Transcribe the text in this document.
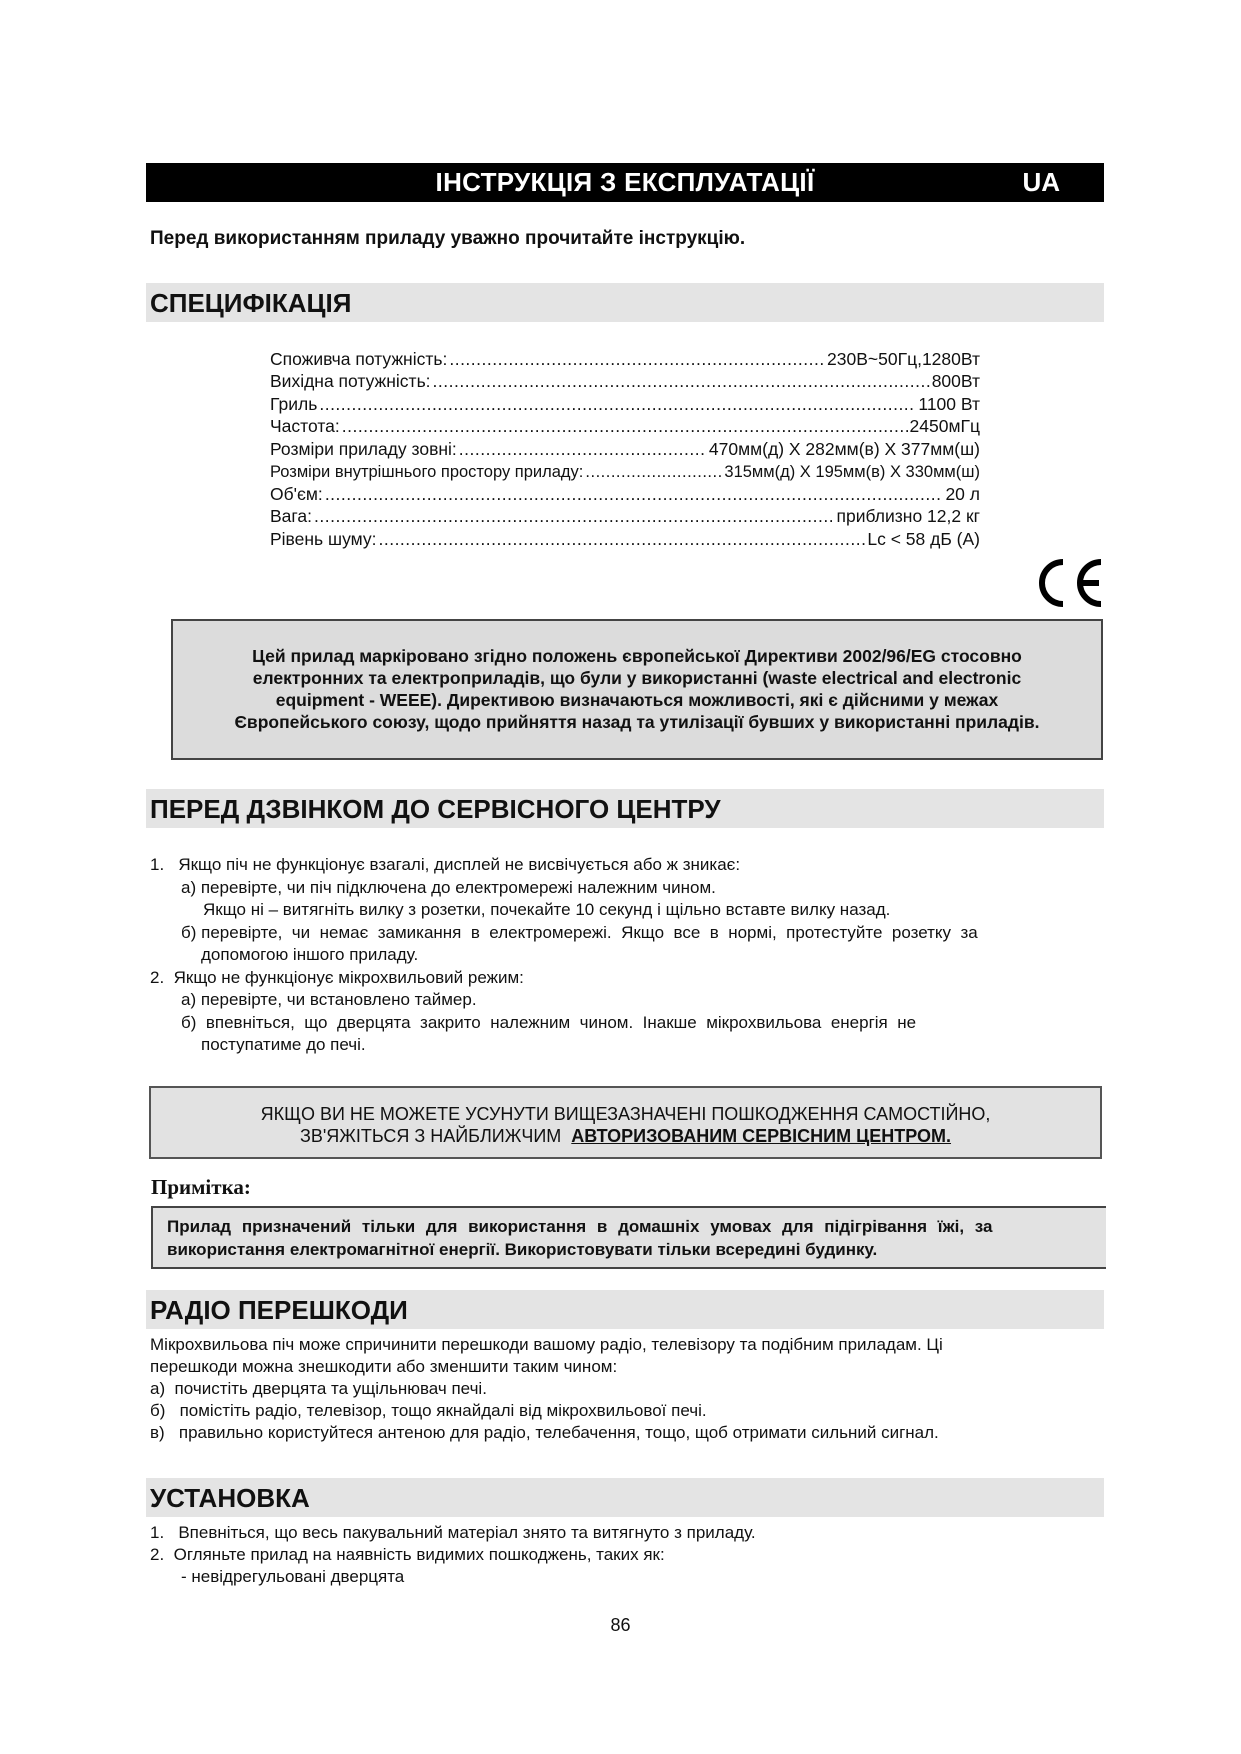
ІНСТРУКЦІЯ З ЕКСПЛУАТАЦІЇ	UA
Перед використанням приладу уважно прочитайте інструкцію.
СПЕЦИФІКАЦІЯ
Споживча потужність: .....	230В~50Гц,1280Вт
Вихідна потужність: .....	800Вт
Гриль .....	1100 Вт
Частота: .....	2450мГц
Розміри приладу зовні: .....	470мм(д) Х 282мм(в) Х 377мм(ш)
Розміри внутрішнього простору приладу: .....	315мм(д) Х 195мм(в) Х 330мм(ш)
Об'єм: .....	20 л
Вага: .....	приблизно 12,2 кг
Рівень шуму: .....	Lc < 58 дБ (А)
Цей прилад маркіровано згідно положень європейської Директиви 2002/96/EG стосовно
електронних та електроприладів, що були у використанні (waste electrical and electronic
equipment - WEEE). Директивою визначаються можливості, які є дійсними у межах
Європейського союзу, щодо прийняття назад та утилізації бувших у використанні приладів.
ПЕРЕД ДЗВІНКОМ ДО СЕРВІСНОГО ЦЕНТРУ
1.   Якщо піч не функціонує взагалі, дисплей не висвічується або ж зникає:
а) перевірте, чи піч підключена до електромережі належним чином.
Якщо ні – витягніть вилку з розетки, почекайте 10 секунд і щільно вставте вилку назад.
б) перевірте,  чи  немає  замикання  в  електромережі.  Якщо  все  в  нормі,  протестуйте  розетку  за
допомогою іншого приладу.
2.  Якщо не функціонує мікрохвильовий режим:
а) перевірте, чи встановлено таймер.
б)  впевніться,  що  дверцята  закрито  належним  чином.  Інакше  мікрохвильова  енергія  не
поступатиме до печі.
ЯКЩО ВИ НЕ МОЖЕТЕ УСУНУТИ ВИЩЕЗАЗНАЧЕНІ ПОШКОДЖЕННЯ САМОСТІЙНО,
ЗВ'ЯЖІТЬСЯ З НАЙБЛИЖЧИМ АВТОРИЗОВАНИМ СЕРВІСНИМ ЦЕНТРОМ.
Примітка:
Прилад призначений тільки для використання в домашніх умовах для підігрівання їжі, за
використання електромагнітної енергії. Використовувати тільки всередині будинку.
РАДІО ПЕРЕШКОДИ
Мікрохвильова піч може спричинити перешкоди вашому радіо, телевізору та подібним приладам. Ці
перешкоди можна знешкодити або зменшити таким чином:
а)  почистіть дверцята та ущільнювач печі.
б)   помістіть радіо, телевізор, тощо якнайдалі від мікрохвильової печі.
в)   правильно користуйтеся антеною для радіо, телебачення, тощо, щоб отримати сильний сигнал.
УСТАНОВКА
1.   Впевніться, що весь пакувальний матеріал знято та витягнуто з приладу.
2.  Огляньте прилад на наявність видимих пошкоджень, таких як:
- невідрегульовані дверцята
86
